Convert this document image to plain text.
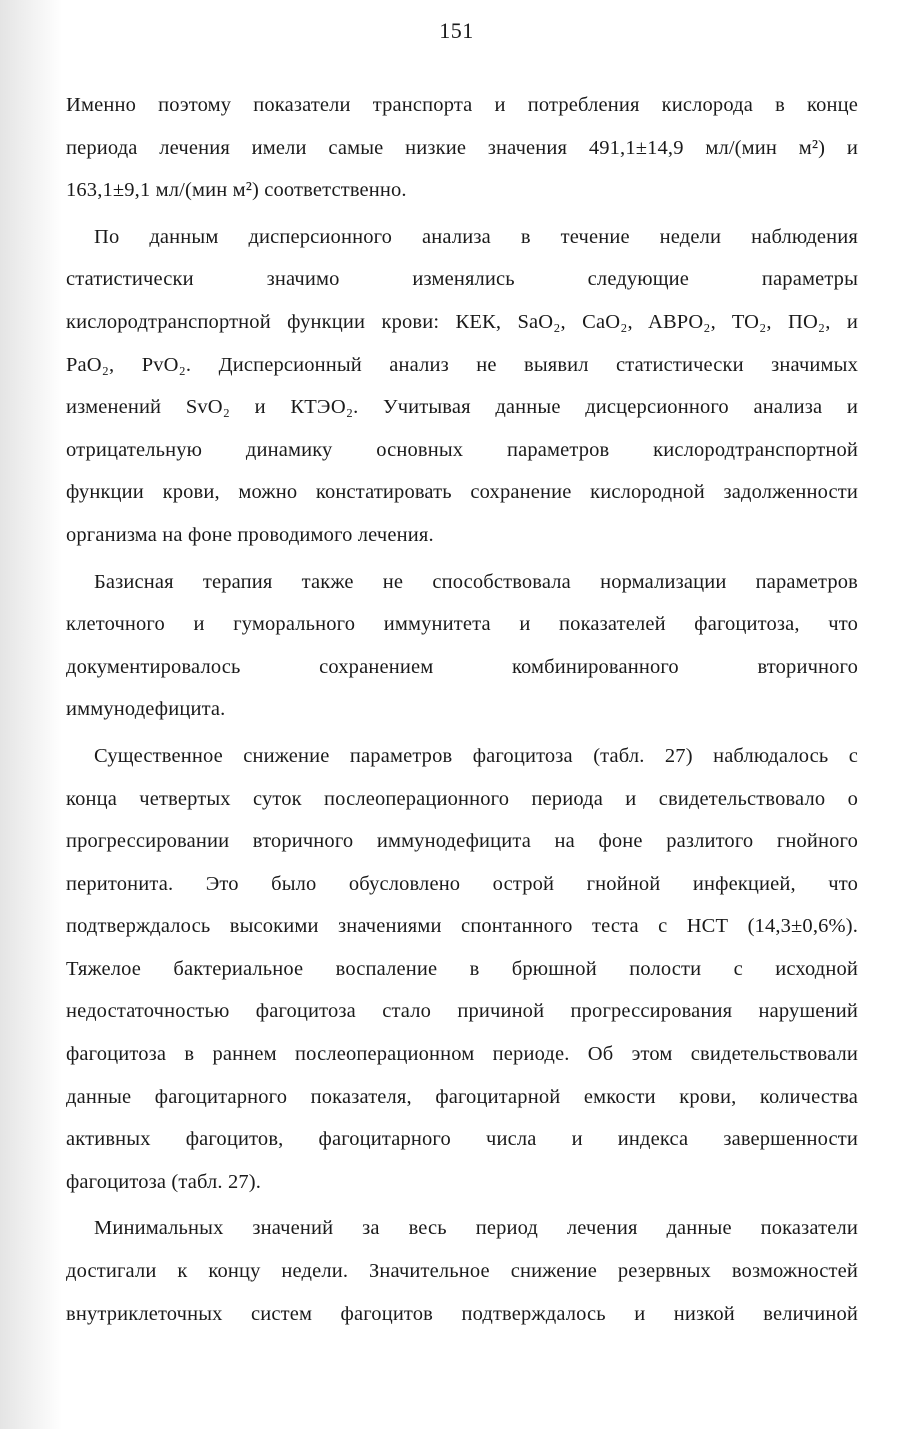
151
Именно поэтому показатели транспорта и потребления кислорода в конце
периода лечения имели самые низкие значения 491,1±14,9 мл/(мин м²) и
163,1±9,1 мл/(мин м²) соответственно.
По данным дисперсионного анализа в течение недели наблюдения
статистически значимо изменялись следующие параметры
кислородтранспортной функции крови: КЕК, SaO₂, CaO₂, ABPO₂, TO₂, ПО₂, и
PaO₂, PvO₂. Дисперсионный анализ не выявил статистически значимых
изменений SvO₂ и КТЭО₂. Учитывая данные дисцерсионного анализа и
отрицательную динамику основных параметров кислородтранспортной
функции крови, можно констатировать сохранение кислородной задолженности
организма на фоне проводимого лечения.
Базисная терапия также не способствовала нормализации параметров
клеточного и гуморального иммунитета и показателей фагоцитоза, что
документировалось сохранением комбинированного вторичного
иммунодефицита.
Существенное снижение параметров фагоцитоза (табл. 27) наблюдалось с
конца четвертых суток послеоперационного периода и свидетельствовало о
прогрессировании вторичного иммунодефицита на фоне разлитого гнойного
перитонита. Это было обусловлено острой гнойной инфекцией, что
подтверждалось высокими значениями спонтанного теста с НСТ (14,3±0,6%).
Тяжелое бактериальное воспаление в брюшной полости с исходной
недостаточностью фагоцитоза стало причиной прогрессирования нарушений
фагоцитоза в раннем послеоперационном периоде. Об этом свидетельствовали
данные фагоцитарного показателя, фагоцитарной емкости крови, количества
активных фагоцитов, фагоцитарного числа и индекса завершенности
фагоцитоза (табл. 27).
Минимальных значений за весь период лечения данные показатели
достигали к концу недели. Значительное снижение резервных возможностей
внутриклеточных систем фагоцитов подтверждалось и низкой величиной
